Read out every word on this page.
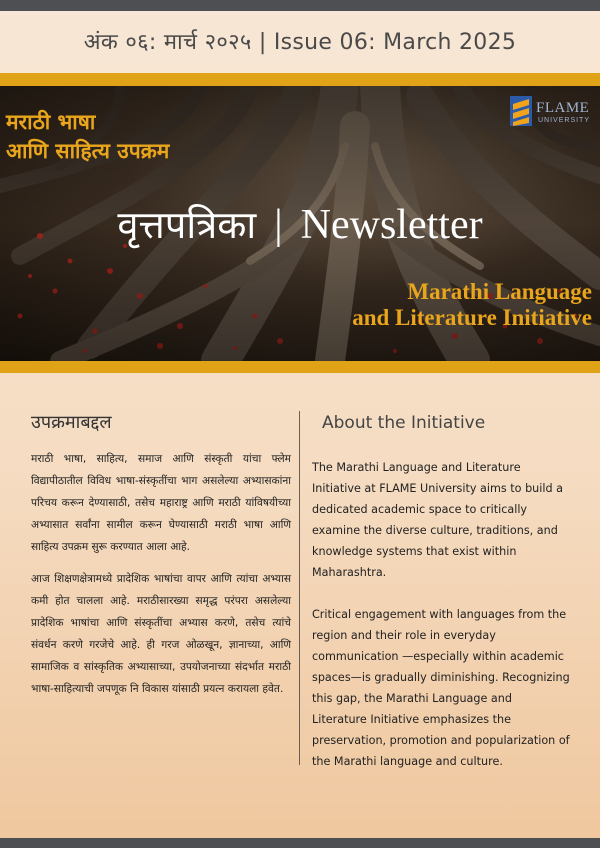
अंक ०६: मार्च २०२५ | Issue 06: March 2025
मराठी भाषा
आणि साहित्य उपक्रम
FLAME
UNIVERSITY
वृत्तपत्रिका | Newsletter
Marathi Language
and Literature Initiative
उपक्रमाबद्दल

मराठी भाषा, साहित्य, समाज आणि संस्कृती यांचा फ्लेम विद्यापीठातील विविध भाषा-संस्कृतींचा भाग असलेल्या अभ्यासकांना परिचय करून देण्यासाठी, तसेच महाराष्ट्र आणि मराठी यांविषयीच्या अभ्यासात सर्वांना सामील करून घेण्यासाठी मराठी भाषा आणि साहित्य उपक्रम सुरू करण्यात आला आहे.

आज शिक्षणक्षेत्रामध्ये प्रादेशिक भाषांचा वापर आणि त्यांचा अभ्यास कमी होत चालला आहे. मराठीसारख्या समृद्ध परंपरा असलेल्या प्रादेशिक भाषांचा आणि संस्कृतींचा अभ्यास करणे, तसेच त्यांचे संवर्धन करणे गरजेचे आहे. ही गरज ओळखून, ज्ञानाच्या, आणि सामाजिक व सांस्कृतिक अभ्यासाच्या, उपयोजनाच्या संदर्भात मराठी भाषा-साहित्याची जपणूक नि विकास यांसाठी प्रयत्न करायला हवेत.

About the Initiative

The Marathi Language and Literature Initiative at FLAME University aims to build a dedicated academic space to critically examine the diverse culture, traditions, and knowledge systems that exist within Maharashtra.

Critical engagement with languages from the region and their role in everyday communication —especially within academic spaces—is gradually diminishing. Recognizing this gap, the Marathi Language and Literature Initiative emphasizes the preservation, promotion and popularization of the Marathi language and culture.
